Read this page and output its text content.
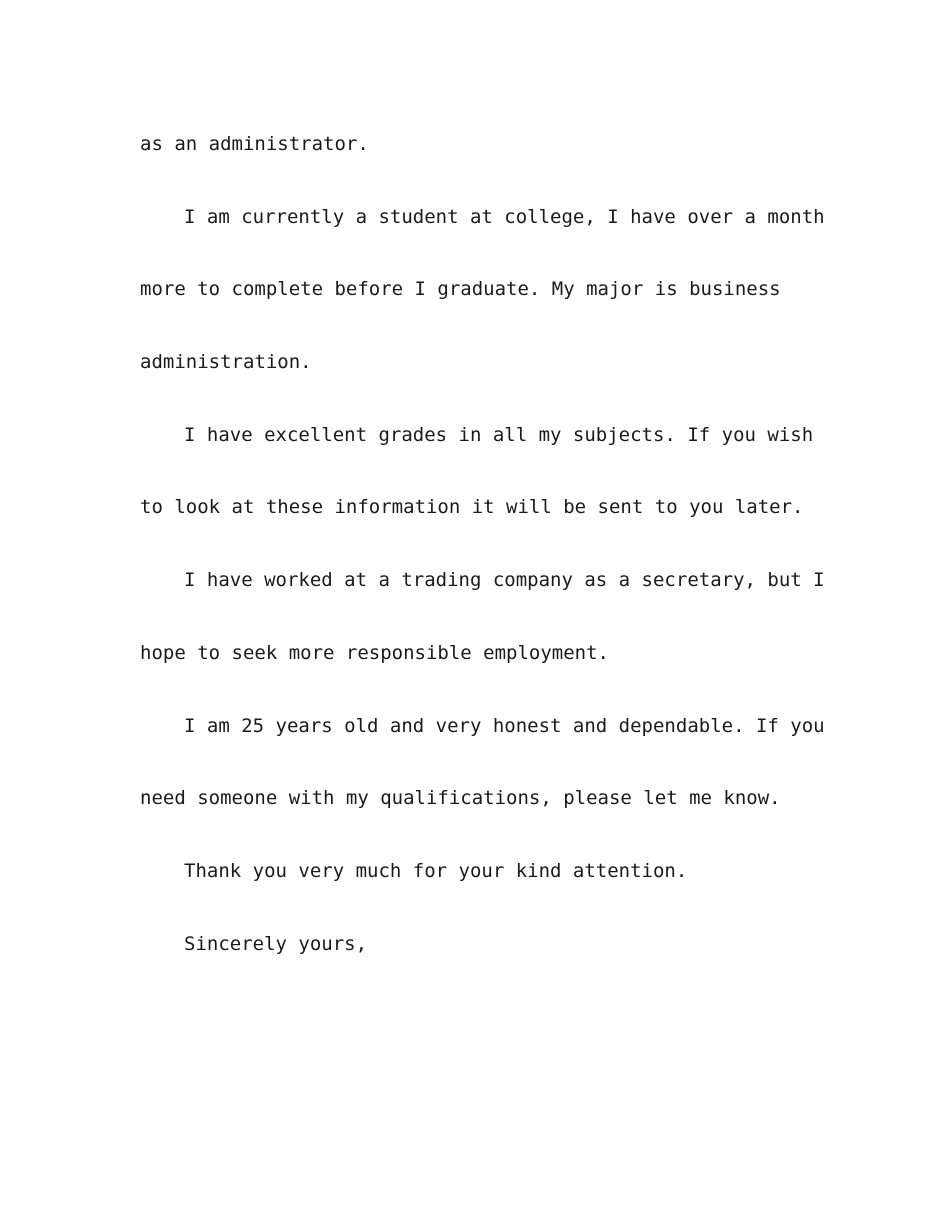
as an administrator.
I am currently a student at college, I have over a month
more to complete before I graduate. My major is business
administration.
I have excellent grades in all my subjects. If you wish
to look at these information it will be sent to you later.
I have worked at a trading company as a secretary, but I
hope to seek more responsible employment.
I am 25 years old and very honest and dependable. If you
need someone with my qualifications, please let me know.
Thank you very much for your kind attention.
Sincerely yours,
